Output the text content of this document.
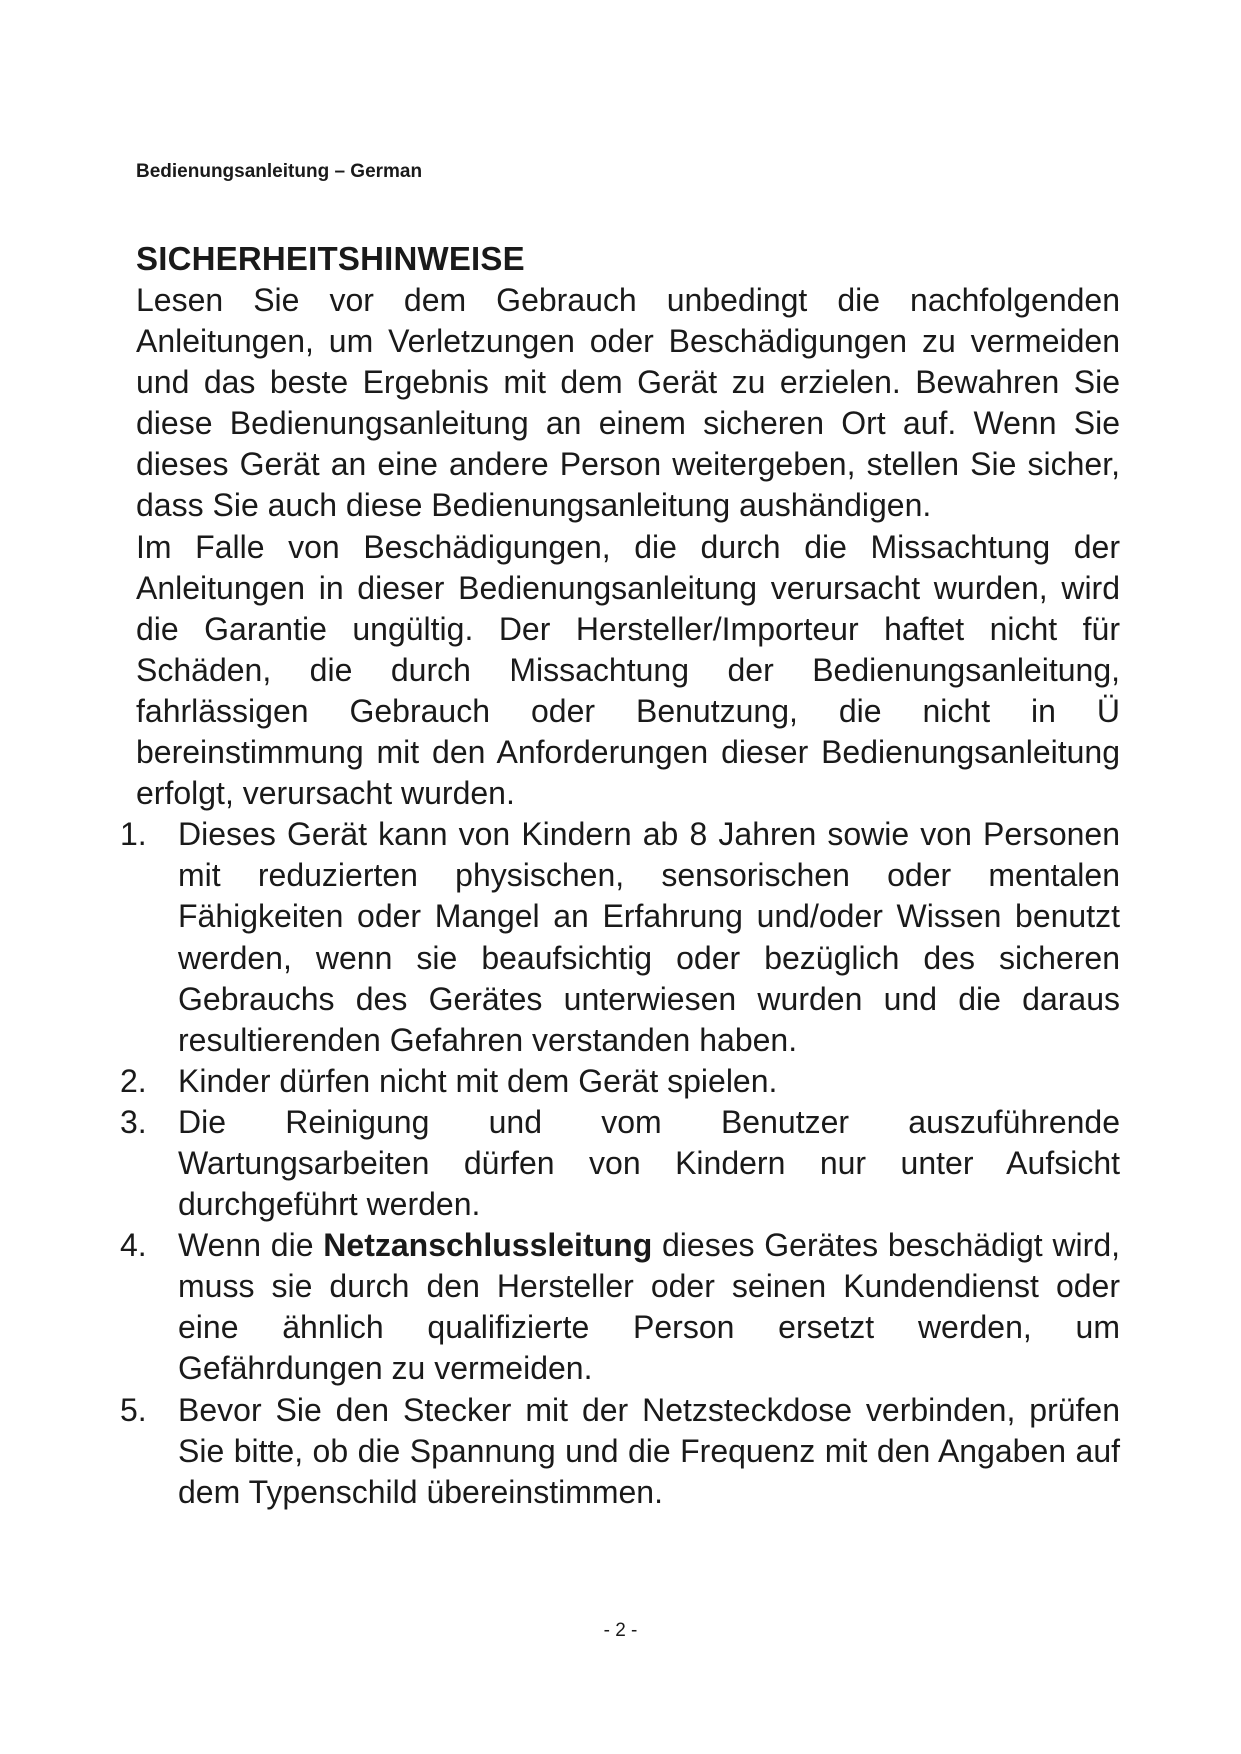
Bedienungsanleitung – German
SICHERHEITSHINWEISE

Lesen Sie vor dem Gebrauch unbedingt die nachfolgenden Anleitungen, um Verletzungen oder Beschädigungen zu vermeiden und das beste Ergebnis mit dem Gerät zu erzielen. Bewahren Sie diese Bedienungsanleitung an einem sicheren Ort auf. Wenn Sie dieses Gerät an eine andere Person weitergeben, stellen Sie sicher, dass Sie auch diese Bedienungsanleitung aushändigen.

Im Falle von Beschädigungen, die durch die Missachtung der Anleitungen in dieser Bedienungsanleitung verursacht wurden, wird die Garantie ungültig. Der Hersteller/Importeur haftet nicht für Schäden, die durch Missachtung der Bedienungsanleitung, fahrlässigen Gebrauch oder Benutzung, die nicht in Ü bereinstimmung mit den Anforderungen dieser Bedienungsanleitung erfolgt, verursacht wurden.

1. Dieses Gerät kann von Kindern ab 8 Jahren sowie von Personen mit reduzierten physischen, sensorischen oder mentalen Fähigkeiten oder Mangel an Erfahrung und/oder Wissen benutzt werden, wenn sie beaufsichtig oder bezüglich des sicheren Gebrauchs des Gerätes unterwiesen wurden und die daraus resultierenden Gefahren verstanden haben.
2. Kinder dürfen nicht mit dem Gerät spielen.
3. Die Reinigung und vom Benutzer auszuführende Wartungsarbeiten dürfen von Kindern nur unter Aufsicht durchgeführt werden.
4. Wenn die Netzanschlussleitung dieses Gerätes beschädigt wird, muss sie durch den Hersteller oder seinen Kundendienst oder eine ähnlich qualifizierte Person ersetzt werden, um Gefährdungen zu vermeiden.
5. Bevor Sie den Stecker mit der Netzsteckdose verbinden, prüfen Sie bitte, ob die Spannung und die Frequenz mit den Angaben auf dem Typenschild übereinstimmen.
- 2 -
